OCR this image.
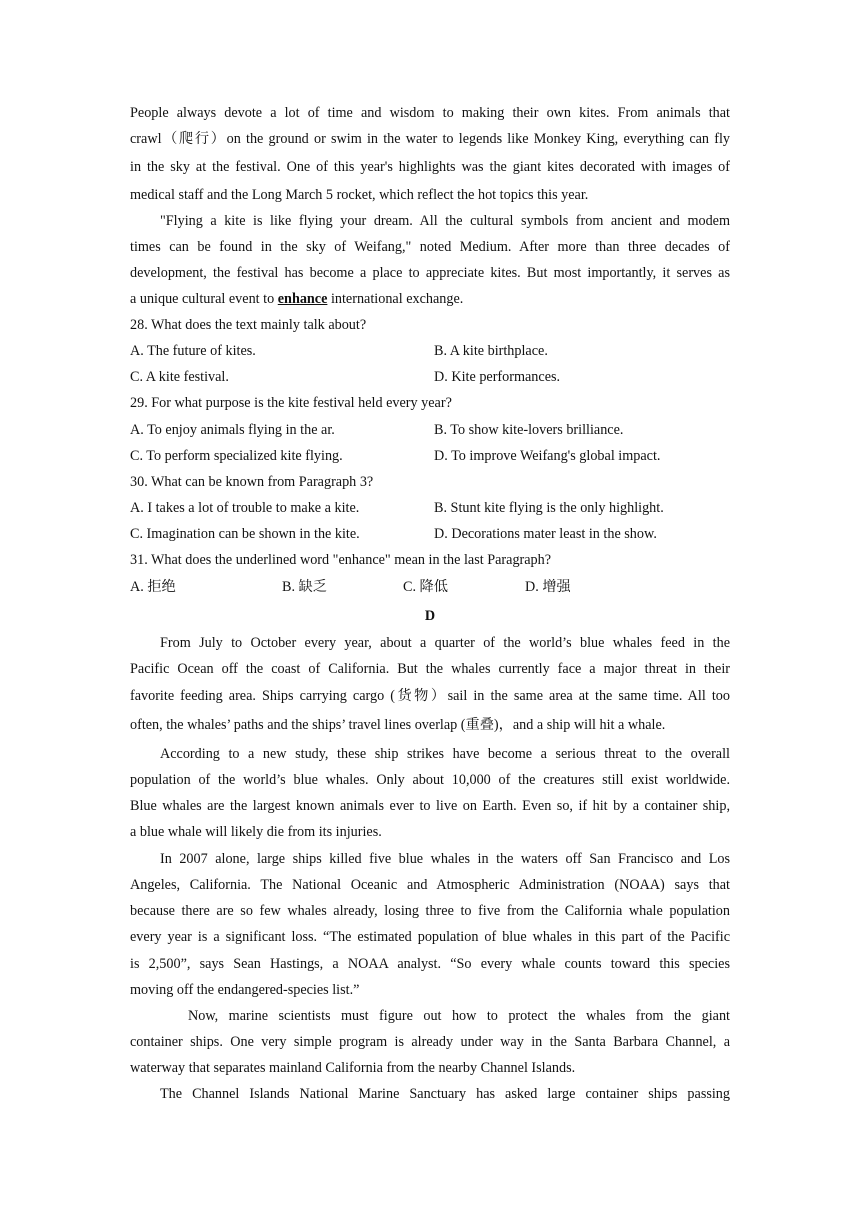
People always devote a lot of time and wisdom to making their own kites. From animals that
crawl（爬行）on the ground or swim in the water to legends like Monkey King, everything can fly
in the sky at the festival. One of this year's highlights was the giant kites decorated with images of
medical staff and the Long March 5 rocket, which reflect the hot topics this year.
"Flying a kite is like flying your dream. All the cultural symbols from ancient and modem
times can be found in the sky of Weifang," noted Medium. After more than three decades of
development, the festival has become a place to appreciate kites. But most importantly, it serves as
a unique cultural event to enhance international exchange.
28. What does the text mainly talk about?
A. The future of kites.	B. A kite birthplace.
C. A kite festival.	D. Kite performances.
29. For what purpose is the kite festival held every year?
A. To enjoy animals flying in the ar.	B. To show kite-lovers brilliance.
C. To perform specialized kite flying.	D. To improve Weifang's global impact.
30. What can be known from Paragraph 3?
A. I takes a lot of trouble to make a kite.	B. Stunt kite flying is the only highlight.
C. Imagination can be shown in the kite.	D. Decorations mater least in the show.
31. What does the underlined word "enhance" mean in the last Paragraph?
A. 拒绝	B. 缺乏	C. 降低	D. 增强
D
From July to October every year, about a quarter of the world’s blue whales feed in the
Pacific Ocean off the coast of California. But the whales currently face a major threat in their
favorite feeding area. Ships carrying cargo (货物）sail in the same area at the same time. All too
often, the whales’ paths and the ships’ travel lines overlap (重叠)，and a ship will hit a whale.
According to a new study, these ship strikes have become a serious threat to the overall
population of the world’s blue whales. Only about 10,000 of the creatures still exist worldwide.
Blue whales are the largest known animals ever to live on Earth. Even so, if hit by a container ship,
a blue whale will likely die from its injuries.
In 2007 alone, large ships killed five blue whales in the waters off San Francisco and Los
Angeles, California. The National Oceanic and Atmospheric Administration (NOAA) says that
because there are so few whales already, losing three to five from the California whale population
every year is a significant loss. “The estimated population of blue whales in this part of the Pacific
is 2,500”, says Sean Hastings, a NOAA analyst. “So every whale counts toward this species
moving off the endangered-species list.”
Now, marine scientists must figure out how to protect the whales from the giant
container ships. One very simple program is already under way in the Santa Barbara Channel, a
waterway that separates mainland California from the nearby Channel Islands.
The Channel Islands National Marine Sanctuary has asked large container ships passing
